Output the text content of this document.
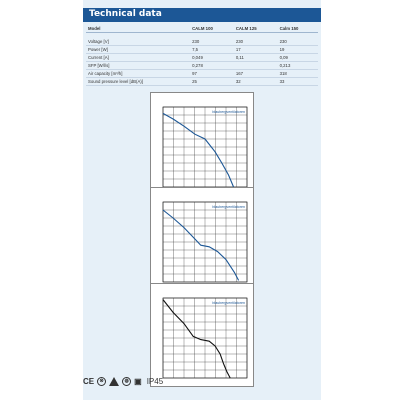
Technical data
Model	CALM 100	CALM 125	Calm 150

Voltage [V]	230	230	230
Power [W]	7,5	17	19
Current [A]	0,049	0,11	0,09
SFP [W/l/s]	0,278		0,213
Air capacity [m³/h]	97	167	318
Sound pressure level [dB(A)]	25	32	33
blaubergventilatoren
blaubergventilatoren
blaubergventilatoren
CE	⊗	◍ ▣ IP45
